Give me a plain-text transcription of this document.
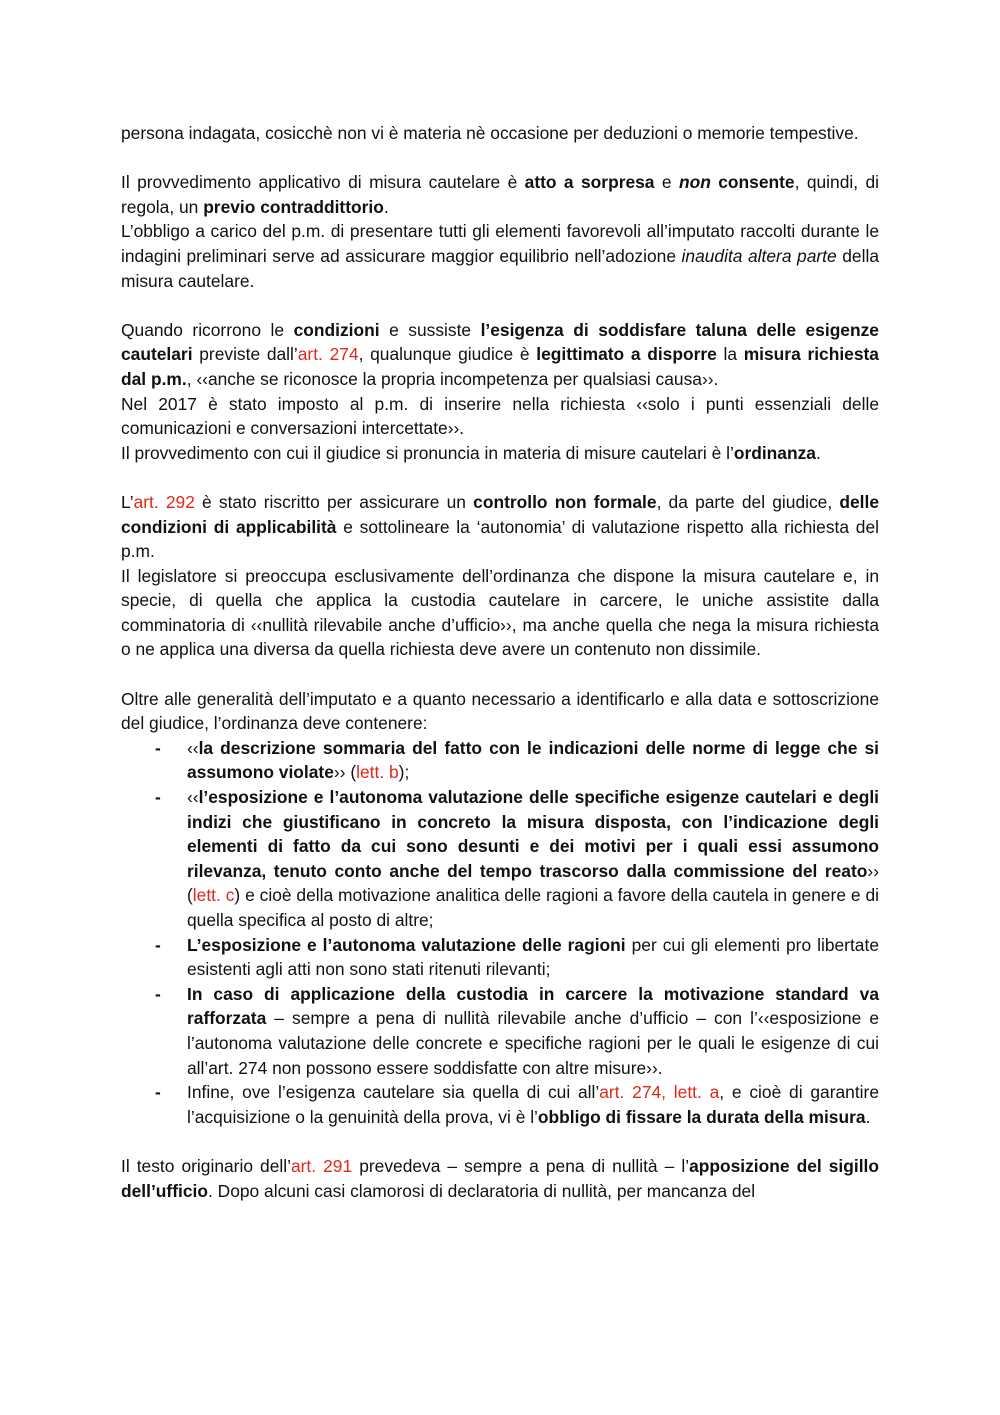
persona indagata, cosicchè non vi è materia nè occasione per deduzioni o memorie tempestive.

Il provvedimento applicativo di misura cautelare è atto a sorpresa e non consente, quindi, di regola, un previo contraddittorio.

L’obbligo a carico del p.m. di presentare tutti gli elementi favorevoli all’imputato raccolti durante le indagini preliminari serve ad assicurare maggior equilibrio nell’adozione inaudita altera parte della misura cautelare.

Quando ricorrono le condizioni e sussiste l’esigenza di soddisfare taluna delle esigenze cautelari previste dall’art. 274, qualunque giudice è legittimato a disporre la misura richiesta dal p.m., ‹‹anche se riconosce la propria incompetenza per qualsiasi causa››.

Nel 2017 è stato imposto al p.m. di inserire nella richiesta ‹‹solo i punti essenziali delle comunicazioni e conversazioni intercettate››.

Il provvedimento con cui il giudice si pronuncia in materia di misure cautelari è l’ordinanza.

L’art. 292 è stato riscritto per assicurare un controllo non formale, da parte del giudice, delle condizioni di applicabilità e sottolineare la ‘autonomia’ di valutazione rispetto alla richiesta del p.m.

Il legislatore si preoccupa esclusivamente dell’ordinanza che dispone la misura cautelare e, in specie, di quella che applica la custodia cautelare in carcere, le uniche assistite dalla comminatoria di ‹‹nullità rilevabile anche d’ufficio››, ma anche quella che nega la misura richiesta o ne applica una diversa da quella richiesta deve avere un contenuto non dissimile.

Oltre alle generalità dell’imputato e a quanto necessario a identificarlo e alla data e sottoscrizione del giudice, l’ordinanza deve contenere:

- ‹‹la descrizione sommaria del fatto con le indicazioni delle norme di legge che si assumono violate›› (lett. b);
- ‹‹l’esposizione e l’autonoma valutazione delle specifiche esigenze cautelari e degli indizi che giustificano in concreto la misura disposta, con l’indicazione degli elementi di fatto da cui sono desunti e dei motivi per i quali essi assumono rilevanza, tenuto conto anche del tempo trascorso dalla commissione del reato›› (lett. c) e cioè della motivazione analitica delle ragioni a favore della cautela in genere e di quella specifica al posto di altre;
- L’esposizione e l’autonoma valutazione delle ragioni per cui gli elementi pro libertate esistenti agli atti non sono stati ritenuti rilevanti;
- In caso di applicazione della custodia in carcere la motivazione standard va rafforzata – sempre a pena di nullità rilevabile anche d’ufficio – con l’‹‹esposizione e l’autonoma valutazione delle concrete e specifiche ragioni per le quali le esigenze di cui all’art. 274 non possono essere soddisfatte con altre misure››.
- Infine, ove l’esigenza cautelare sia quella di cui all’art. 274, lett. a, e cioè di garantire l’acquisizione o la genuinità della prova, vi è l’obbligo di fissare la durata della misura.

Il testo originario dell’art. 291 prevedeva – sempre a pena di nullità – l’apposizione del sigillo dell’ufficio. Dopo alcuni casi clamorosi di declaratoria di nullità, per mancanza del
